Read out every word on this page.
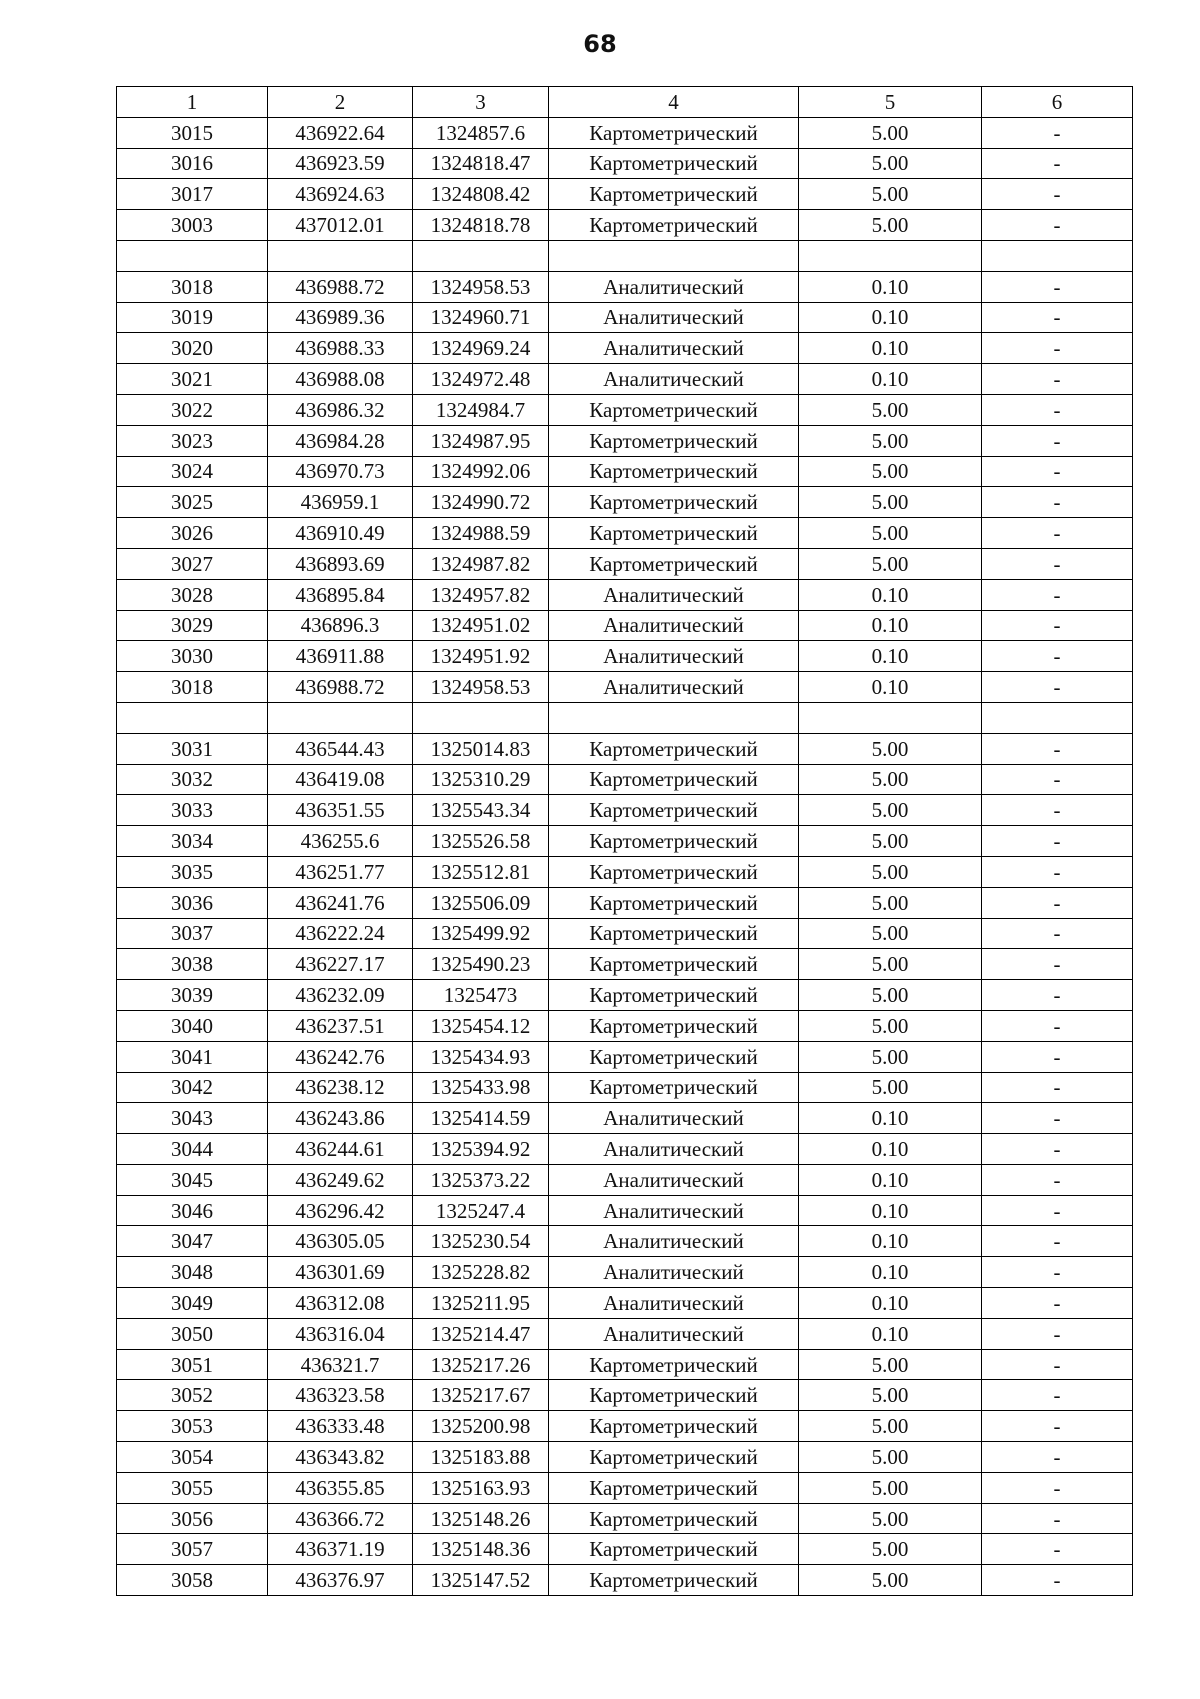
68
1	2	3	4	5	6
3015	436922.64	1324857.6	Картометрический	5.00	-
3016	436923.59	1324818.47	Картометрический	5.00	-
3017	436924.63	1324808.42	Картометрический	5.00	-
3003	437012.01	1324818.78	Картометрический	5.00	-

3018	436988.72	1324958.53	Аналитический	0.10	-
3019	436989.36	1324960.71	Аналитический	0.10	-
3020	436988.33	1324969.24	Аналитический	0.10	-
3021	436988.08	1324972.48	Аналитический	0.10	-
3022	436986.32	1324984.7	Картометрический	5.00	-
3023	436984.28	1324987.95	Картометрический	5.00	-
3024	436970.73	1324992.06	Картометрический	5.00	-
3025	436959.1	1324990.72	Картометрический	5.00	-
3026	436910.49	1324988.59	Картометрический	5.00	-
3027	436893.69	1324987.82	Картометрический	5.00	-
3028	436895.84	1324957.82	Аналитический	0.10	-
3029	436896.3	1324951.02	Аналитический	0.10	-
3030	436911.88	1324951.92	Аналитический	0.10	-
3018	436988.72	1324958.53	Аналитический	0.10	-

3031	436544.43	1325014.83	Картометрический	5.00	-
3032	436419.08	1325310.29	Картометрический	5.00	-
3033	436351.55	1325543.34	Картометрический	5.00	-
3034	436255.6	1325526.58	Картометрический	5.00	-
3035	436251.77	1325512.81	Картометрический	5.00	-
3036	436241.76	1325506.09	Картометрический	5.00	-
3037	436222.24	1325499.92	Картометрический	5.00	-
3038	436227.17	1325490.23	Картометрический	5.00	-
3039	436232.09	1325473	Картометрический	5.00	-
3040	436237.51	1325454.12	Картометрический	5.00	-
3041	436242.76	1325434.93	Картометрический	5.00	-
3042	436238.12	1325433.98	Картометрический	5.00	-
3043	436243.86	1325414.59	Аналитический	0.10	-
3044	436244.61	1325394.92	Аналитический	0.10	-
3045	436249.62	1325373.22	Аналитический	0.10	-
3046	436296.42	1325247.4	Аналитический	0.10	-
3047	436305.05	1325230.54	Аналитический	0.10	-
3048	436301.69	1325228.82	Аналитический	0.10	-
3049	436312.08	1325211.95	Аналитический	0.10	-
3050	436316.04	1325214.47	Аналитический	0.10	-
3051	436321.7	1325217.26	Картометрический	5.00	-
3052	436323.58	1325217.67	Картометрический	5.00	-
3053	436333.48	1325200.98	Картометрический	5.00	-
3054	436343.82	1325183.88	Картометрический	5.00	-
3055	436355.85	1325163.93	Картометрический	5.00	-
3056	436366.72	1325148.26	Картометрический	5.00	-
3057	436371.19	1325148.36	Картометрический	5.00	-
3058	436376.97	1325147.52	Картометрический	5.00	-
